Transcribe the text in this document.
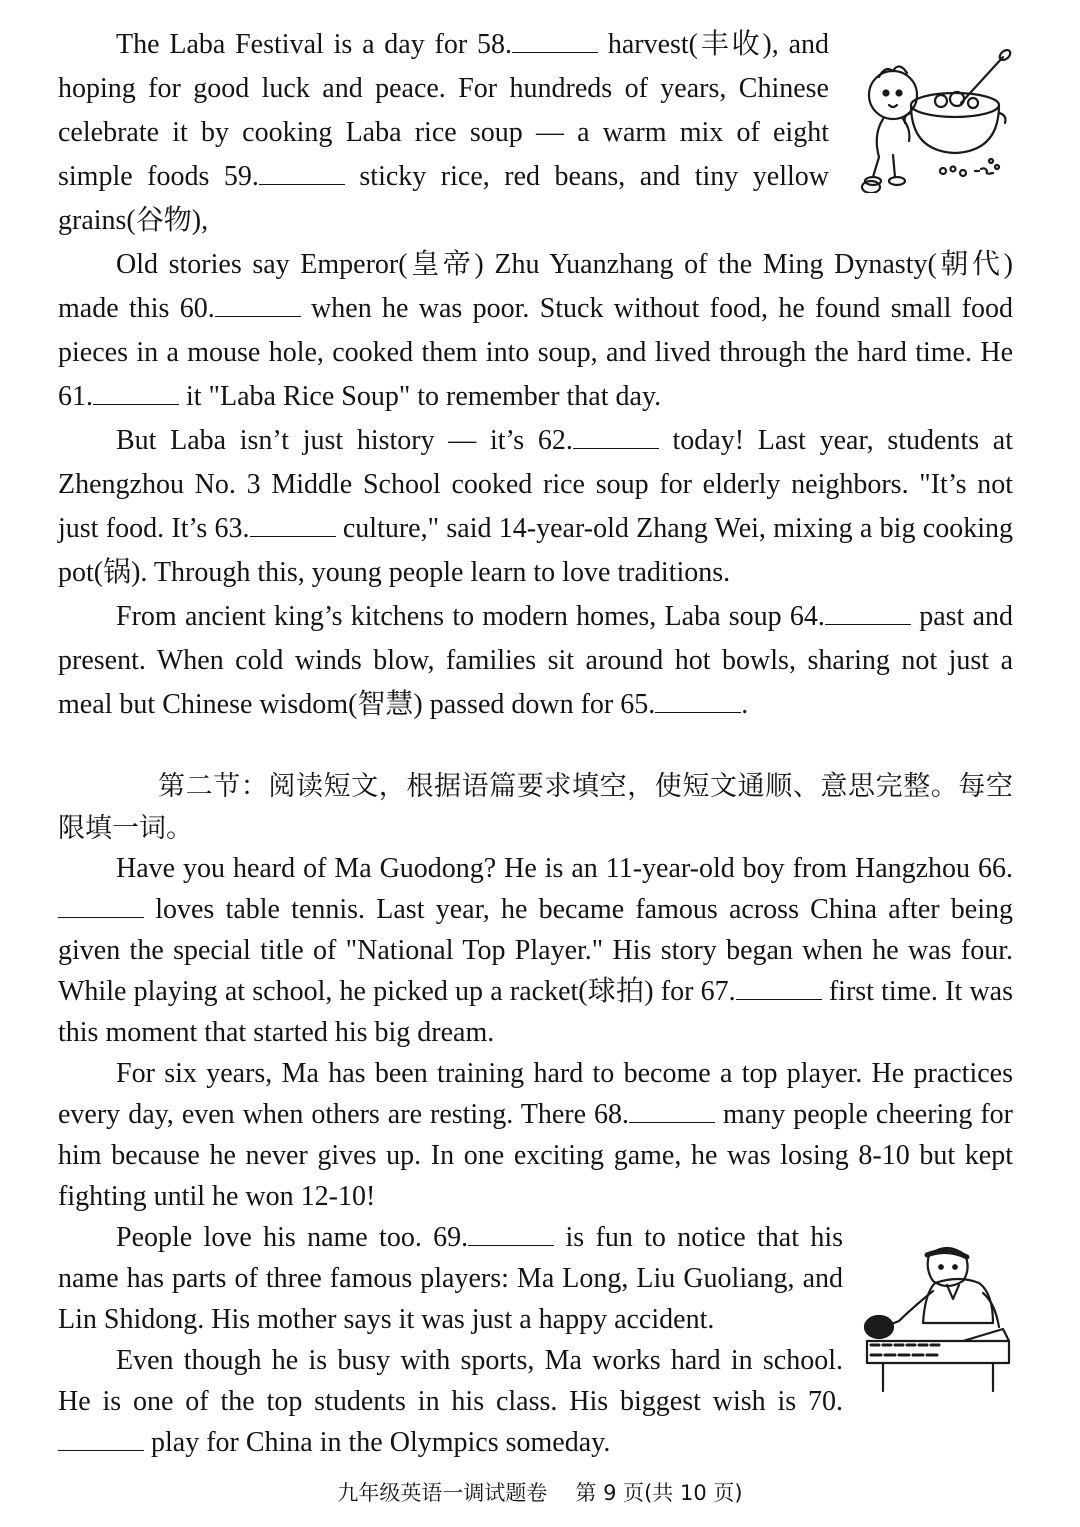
The Laba Festival is a day for 58.	harvest(丰收), and hoping for good luck and peace. For hundreds of years, Chinese celebrate it by cooking Laba rice soup — a warm mix of eight simple foods 59.	sticky rice, red beans, and tiny yellow grains(谷物),

Old stories say Emperor(皇帝) Zhu Yuanzhang of the Ming Dynasty(朝代) made this 60.	when he was poor. Stuck without food, he found small food pieces in a mouse hole, cooked them into soup, and lived through the hard time. He 61.	it "Laba Rice Soup" to remember that day.

But Laba isn’t just history — it’s 62.	today! Last year, students at Zhengzhou No. 3 Middle School cooked rice soup for elderly neighbors. "It’s not just food. It’s 63.	culture," said 14-year-old Zhang Wei, mixing a big cooking pot(锅). Through this, young people learn to love traditions.

From ancient king’s kitchens to modern homes, Laba soup 64.	past and present. When cold winds blow, families sit around hot bowls, sharing not just a meal but Chinese wisdom(智慧) passed down for 65.	.

第二节：阅读短文，根据语篇要求填空，使短文通顺、意思完整。每空限填一词。

Have you heard of Ma Guodong? He is an 11-year-old boy from Hangzhou 66. loves table tennis. Last year, he became famous across China after being given the special title of "National Top Player." His story began when he was four. While playing at school, he picked up a racket(球拍) for 67.	first time. It was this moment that started his big dream.

For six years, Ma has been training hard to become a top player. He practices every day, even when others are resting. There 68.	many people cheering for him because he never gives up. In one exciting game, he was losing 8-10 but kept fighting until he won 12-10!

People love his name too. 69.	is fun to notice that his name has parts of three famous players: Ma Long, Liu Guoliang, and Lin Shidong. His mother says it was just a happy accident.

Even though he is busy with sports, Ma works hard in school. He is one of the top students in his class. His biggest wish is 70. play for China in the Olympics someday.

九年级英语一调试题卷 第 9 页(共 10 页)
